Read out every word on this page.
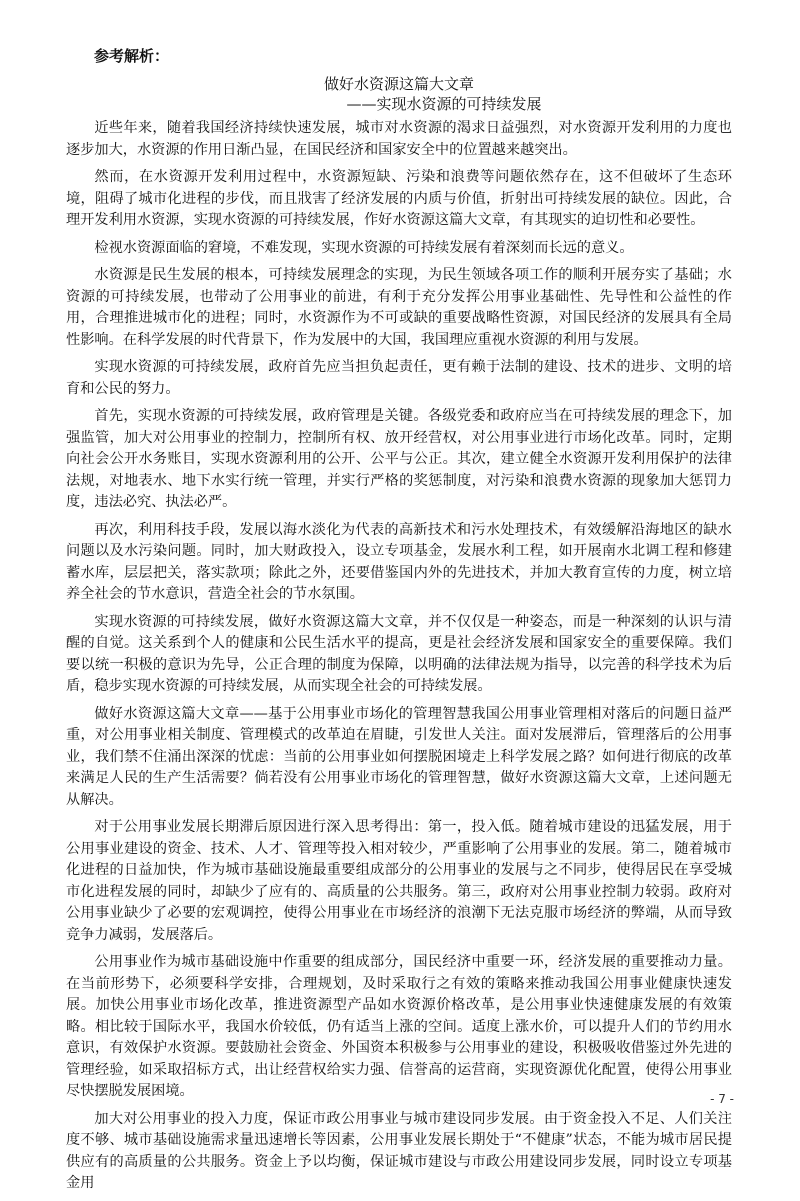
参考解析：
做好水资源这篇大文章
——实现水资源的可持续发展

近些年来，随着我国经济持续快速发展，城市对水资源的渴求日益强烈，对水资源开发利用的力度也逐步加大，水资源的作用日渐凸显，在国民经济和国家安全中的位置越来越突出。

然而，在水资源开发利用过程中，水资源短缺、污染和浪费等问题依然存在，这不但破坏了生态环境，阻碍了城市化进程的步伐，而且戕害了经济发展的内质与价值，折射出可持续发展的缺位。因此，合理开发利用水资源，实现水资源的可持续发展，作好水资源这篇大文章，有其现实的迫切性和必要性。

检视水资源面临的窘境，不难发现，实现水资源的可持续发展有着深刻而长远的意义。

水资源是民生发展的根本，可持续发展理念的实现，为民生领域各项工作的顺利开展夯实了基础；水资源的可持续发展，也带动了公用事业的前进，有利于充分发挥公用事业基础性、先导性和公益性的作用，合理推进城市化的进程；同时，水资源作为不可或缺的重要战略性资源，对国民经济的发展具有全局性影响。在科学发展的时代背景下，作为发展中的大国，我国理应重视水资源的利用与发展。

实现水资源的可持续发展，政府首先应当担负起责任，更有赖于法制的建设、技术的进步、文明的培育和公民的努力。

首先，实现水资源的可持续发展，政府管理是关键。各级党委和政府应当在可持续发展的理念下，加强监管，加大对公用事业的控制力，控制所有权、放开经营权，对公用事业进行市场化改革。同时，定期向社会公开水务账目，实现水资源利用的公开、公平与公正。其次，建立健全水资源开发利用保护的法律法规，对地表水、地下水实行统一管理，并实行严格的奖惩制度，对污染和浪费水资源的现象加大惩罚力度，违法必究、执法必严。

再次，利用科技手段，发展以海水淡化为代表的高新技术和污水处理技术，有效缓解沿海地区的缺水问题以及水污染问题。同时，加大财政投入，设立专项基金，发展水利工程，如开展南水北调工程和修建蓄水库，层层把关，落实款项；除此之外，还要借鉴国内外的先进技术，并加大教育宣传的力度，树立培养全社会的节水意识，营造全社会的节水氛围。

实现水资源的可持续发展，做好水资源这篇大文章，并不仅仅是一种姿态，而是一种深刻的认识与清醒的自觉。这关系到个人的健康和公民生活水平的提高，更是社会经济发展和国家安全的重要保障。我们要以统一积极的意识为先导，公正合理的制度为保障，以明确的法律法规为指导，以完善的科学技术为后盾，稳步实现水资源的可持续发展，从而实现全社会的可持续发展。

做好水资源这篇大文章——基于公用事业市场化的管理智慧我国公用事业管理相对落后的问题日益严重，对公用事业相关制度、管理模式的改革迫在眉睫，引发世人关注。面对发展滞后，管理落后的公用事业，我们禁不住涌出深深的忧虑：当前的公用事业如何摆脱困境走上科学发展之路？如何进行彻底的改革来满足人民的生产生活需要？倘若没有公用事业市场化的管理智慧，做好水资源这篇大文章，上述问题无从解决。

对于公用事业发展长期滞后原因进行深入思考得出：第一，投入低。随着城市建设的迅猛发展，用于公用事业建设的资金、技术、人才、管理等投入相对较少，严重影响了公用事业的发展。第二，随着城市化进程的日益加快，作为城市基础设施最重要组成部分的公用事业的发展与之不同步，使得居民在享受城市化进程发展的同时，却缺少了应有的、高质量的公共服务。第三，政府对公用事业控制力较弱。政府对公用事业缺少了必要的宏观调控，使得公用事业在市场经济的浪潮下无法克服市场经济的弊端，从而导致竞争力减弱，发展落后。

公用事业作为城市基础设施中作重要的组成部分，国民经济中重要一环，经济发展的重要推动力量。在当前形势下，必须要科学安排，合理规划，及时采取行之有效的策略来推动我国公用事业健康快速发展。加快公用事业市场化改革，推进资源型产品如水资源价格改革，是公用事业快速健康发展的有效策略。相比较于国际水平，我国水价较低，仍有适当上涨的空间。适度上涨水价，可以提升人们的节约用水意识，有效保护水资源。要鼓励社会资金、外国资本积极参与公用事业的建设，积极吸收借鉴过外先进的管理经验，如采取招标方式，出让经营权给实力强、信誉高的运营商，实现资源优化配置，使得公用事业尽快摆脱发展困境。

加大对公用事业的投入力度，保证市政公用事业与城市建设同步发展。由于资金投入不足、人们关注度不够、城市基础设施需求量迅速增长等因素，公用事业发展长期处于“不健康”状态，不能为城市居民提供应有的高质量的公共服务。资金上予以均衡，保证城市建设与市政公用建设同步发展，同时设立专项基金用

- 7 -
